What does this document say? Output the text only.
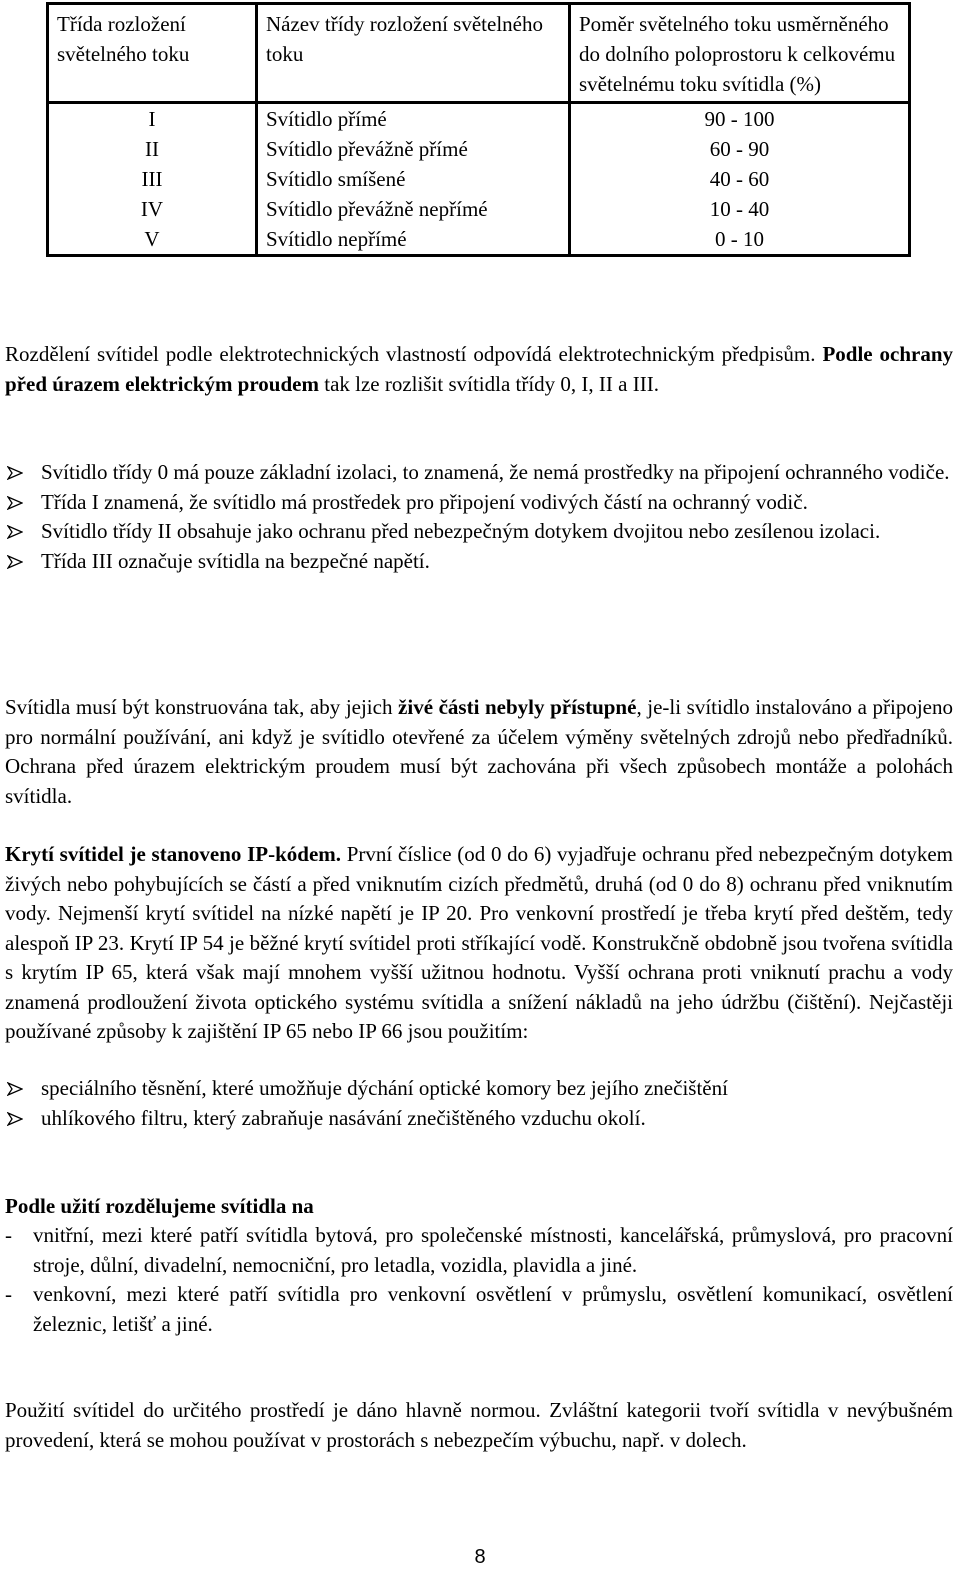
Třída rozložení světelného toku	Název třídy rozložení světelného toku	Poměr světelného toku usměrněného do dolního poloprostoru k celkovému světelnému toku svítidla (%)
I	Svítidlo přímé	90 - 100
II	Svítidlo převážně přímé	60 - 90
III	Svítidlo smíšené	40 - 60
IV	Svítidlo převážně nepřímé	10 - 40
V	Svítidlo nepřímé	0 - 10

Rozdělení svítidel podle elektrotechnických vlastností odpovídá elektrotechnickým předpisům. Podle ochrany před úrazem elektrickým proudem tak lze rozlišit svítidla třídy 0, I, II a III.

Svítidlo třídy 0 má pouze základní izolaci, to znamená, že nemá prostředky na připojení ochranného vodiče.
Třída I znamená, že svítidlo má prostředek pro připojení vodivých částí na ochranný vodič.
Svítidlo třídy II obsahuje jako ochranu před nebezpečným dotykem dvojitou nebo zesílenou izolaci.
Třída III označuje svítidla na bezpečné napětí.

Svítidla musí být konstruována tak, aby jejich živé části nebyly přístupné, je-li svítidlo instalováno a připojeno pro normální používání, ani když je svítidlo otevřené za účelem výměny světelných zdrojů nebo předřadníků. Ochrana před úrazem elektrickým proudem musí být zachována při všech způsobech montáže a polohách svítidla.

Krytí svítidel je stanoveno IP-kódem. První číslice (od 0 do 6) vyjadřuje ochranu před nebezpečným dotykem živých nebo pohybujících se částí a před vniknutím cizích předmětů, druhá (od 0 do 8) ochranu před vniknutím vody. Nejmenší krytí svítidel na nízké napětí je IP 20. Pro venkovní prostředí je třeba krytí před deštěm, tedy alespoň IP 23. Krytí IP 54 je běžné krytí svítidel proti stříkající vodě. Konstrukčně obdobně jsou tvořena svítidla s krytím IP 65, která však mají mnohem vyšší užitnou hodnotu. Vyšší ochrana proti vniknutí prachu a vody znamená prodloužení života optického systému svítidla a snížení nákladů na jeho údržbu (čištění). Nejčastěji používané způsoby k zajištění IP 65 nebo IP 66 jsou použitím:

speciálního těsnění, které umožňuje dýchání optické komory bez jejího znečištění
uhlíkového filtru, který zabraňuje nasávání znečištěného vzduchu okolí.

Podle užití rozdělujeme svítidla na

- vnitřní, mezi které patří svítidla bytová, pro společenské místnosti, kancelářská, průmyslová, pro pracovní stroje, důlní, divadelní, nemocniční, pro letadla, vozidla, plavidla a jiné.
- venkovní, mezi které patří svítidla pro venkovní osvětlení v průmyslu, osvětlení komunikací, osvětlení železnic, letišť a jiné.

Použití svítidel do určitého prostředí je dáno hlavně normou. Zvláštní kategorii tvoří svítidla v nevýbušném provedení, která se mohou používat v prostorách s nebezpečím výbuchu, např. v dolech.

8
